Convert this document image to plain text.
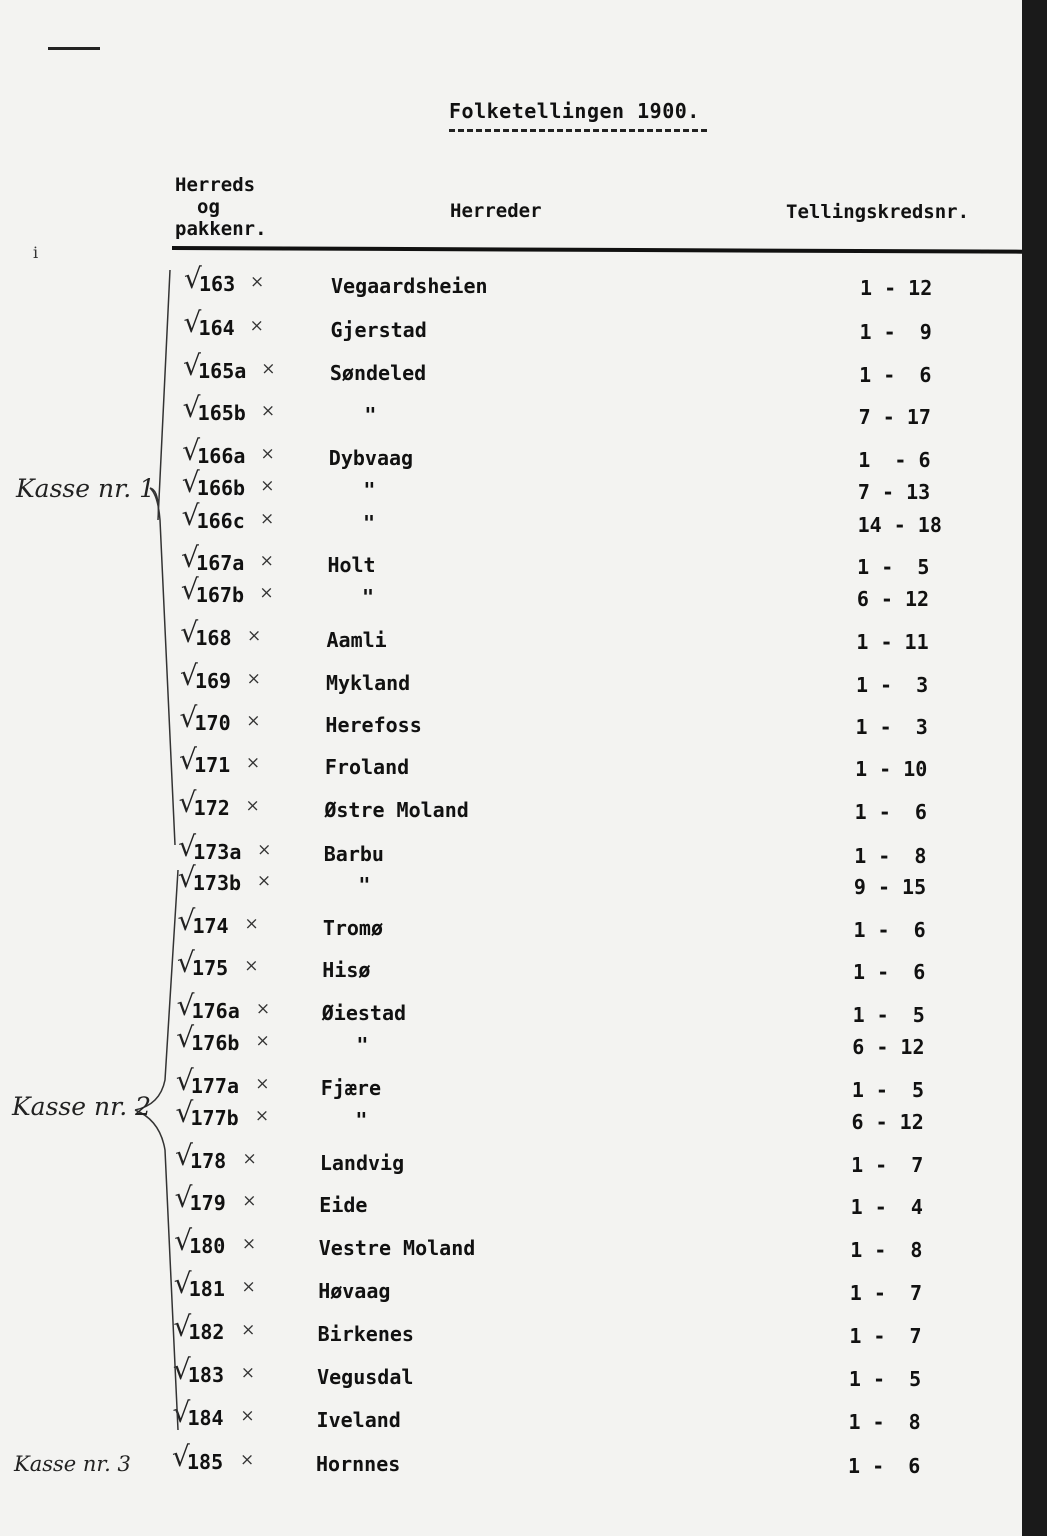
i
Folketellingen 1900.
Herreds
og
pakkenr.
Herreder	Tellingskredsnr.
√
163 ×	Vegaardsheien	1 - 12
√
164 ×	Gjerstad	1 -  9
√
165a ×	Søndeled	1 -  6
√
165b ×	"	7 - 17
√
166a ×	Dybvaag	1  - 6
√
166b ×	"	7 - 13
√
166c ×	"	14 - 18
√
167a ×	Holt	1 -  5
√
167b ×	"	6 - 12
√
168 ×	Aamli	1 - 11
√
169 ×	Mykland	1 -  3
√
170 ×	Herefoss	1 -  3
√
171 ×	Froland	1 - 10
√
172 ×	Østre Moland	1 -  6
√
173a ×	Barbu	1 -  8
√
173b ×	"	9 - 15
√
174 ×	Tromø	1 -  6
√
175 ×	Hisø	1 -  6
√
176a ×	Øiestad	1 -  5
√
176b ×	"	6 - 12
√
177a ×	Fjære	1 -  5
√
177b ×	"	6 - 12
√
178 ×	Landvig	1 -  7
√
179 ×	Eide	1 -  4
√
180 ×	Vestre Moland	1 -  8
√
181 ×	Høvaag	1 -  7
√
182 ×	Birkenes	1 -  7
√
183 ×	Vegusdal	1 -  5
√
184 ×	Iveland	1 -  8
√
185 ×	Hornnes	1 -  6
Kasse nr. 1
Kasse nr. 2
Kasse nr. 3
